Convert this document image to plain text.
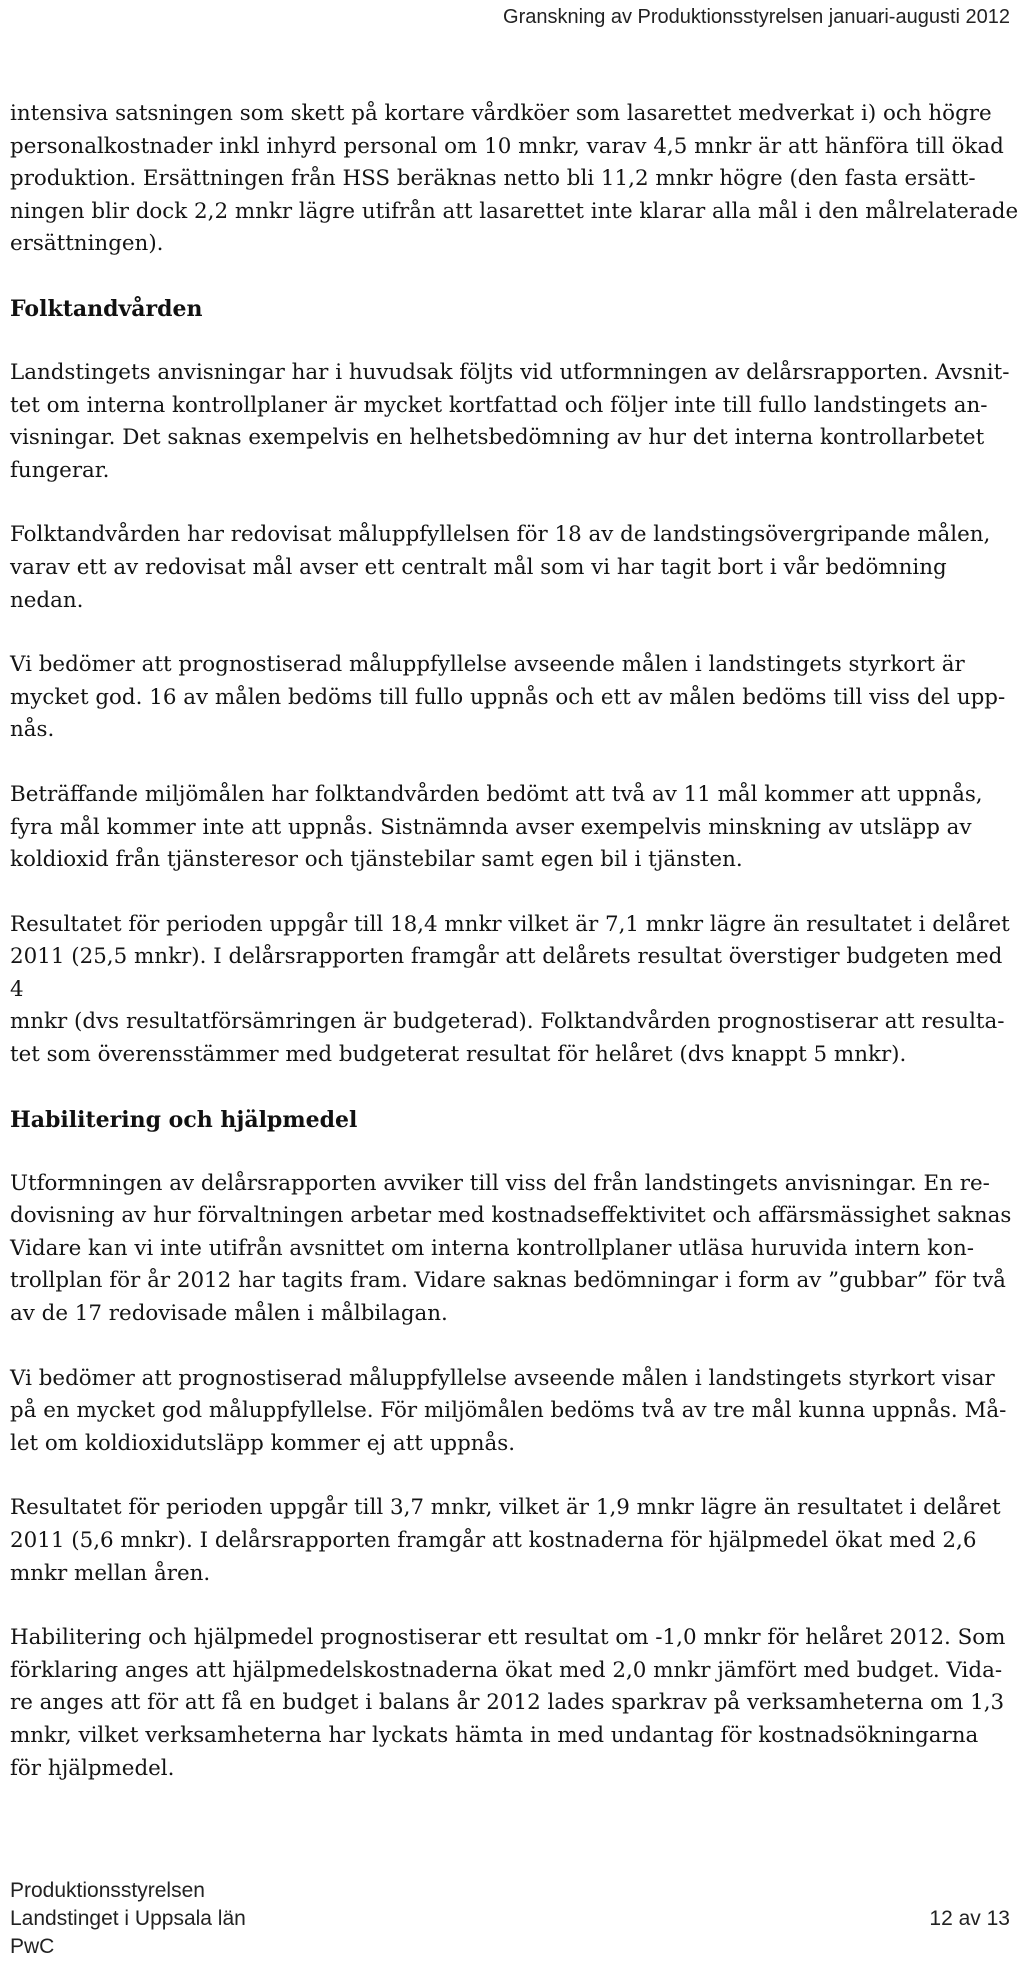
Granskning av Produktionsstyrelsen januari-augusti 2012

intensiva satsningen som skett på kortare vårdköer som lasarettet medverkat i) och högre
personalkostnader inkl inhyrd personal om 10 mnkr, varav 4,5 mnkr är att hänföra till ökad
produktion. Ersättningen från HSS beräknas netto bli 11,2 mnkr högre (den fasta ersätt-
ningen blir dock 2,2 mnkr lägre utifrån att lasarettet inte klarar alla mål i den målrelaterade
ersättningen).

Folktandvården

Landstingets anvisningar har i huvudsak följts vid utformningen av delårsrapporten. Avsnit-
tet om interna kontrollplaner är mycket kortfattad och följer inte till fullo landstingets an-
visningar. Det saknas exempelvis en helhetsbedömning av hur det interna kontrollarbetet
fungerar.

Folktandvården har redovisat måluppfyllelsen för 18 av de landstingsövergripande målen,
varav ett av redovisat mål avser ett centralt mål som vi har tagit bort i vår bedömning nedan.

Vi bedömer att prognostiserad måluppfyllelse avseende målen i landstingets styrkort är
mycket god. 16 av målen bedöms till fullo uppnås och ett av målen bedöms till viss del upp-
nås.

Beträffande miljömålen har folktandvården bedömt att två av 11 mål kommer att uppnås,
fyra mål kommer inte att uppnås. Sistnämnda avser exempelvis minskning av utsläpp av
koldioxid från tjänsteresor och tjänstebilar samt egen bil i tjänsten.

Resultatet för perioden uppgår till 18,4 mnkr vilket är 7,1 mnkr lägre än resultatet i delåret
2011 (25,5 mnkr). I delårsrapporten framgår att delårets resultat överstiger budgeten med 4
mnkr (dvs resultatförsämringen är budgeterad). Folktandvården prognostiserar att resulta-
tet som överensstämmer med budgeterat resultat för helåret (dvs knappt 5 mnkr).

Habilitering och hjälpmedel

Utformningen av delårsrapporten avviker till viss del från landstingets anvisningar. En re-
dovisning av hur förvaltningen arbetar med kostnadseffektivitet och affärsmässighet saknas
Vidare kan vi inte utifrån avsnittet om interna kontrollplaner utläsa huruvida intern kon-
trollplan för år 2012 har tagits fram. Vidare saknas bedömningar i form av ”gubbar” för två
av de 17 redovisade målen i målbilagan.

Vi bedömer att prognostiserad måluppfyllelse avseende målen i landstingets styrkort visar
på en mycket god måluppfyllelse. För miljömålen bedöms två av tre mål kunna uppnås. Må-
let om koldioxidutsläpp kommer ej att uppnås.

Resultatet för perioden uppgår till 3,7 mnkr, vilket är 1,9 mnkr lägre än resultatet i delåret
2011 (5,6 mnkr). I delårsrapporten framgår att kostnaderna för hjälpmedel ökat med 2,6
mnkr mellan åren.

Habilitering och hjälpmedel prognostiserar ett resultat om -1,0 mnkr för helåret 2012. Som
förklaring anges att hjälpmedelskostnaderna ökat med 2,0 mnkr jämfört med budget. Vida-
re anges att för att få en budget i balans år 2012 lades sparkrav på verksamheterna om 1,3
mnkr, vilket verksamheterna har lyckats hämta in med undantag för kostnadsökningarna
för hjälpmedel.

Produktionsstyrelsen
Landstinget i Uppsala län
PwC
12 av 13
